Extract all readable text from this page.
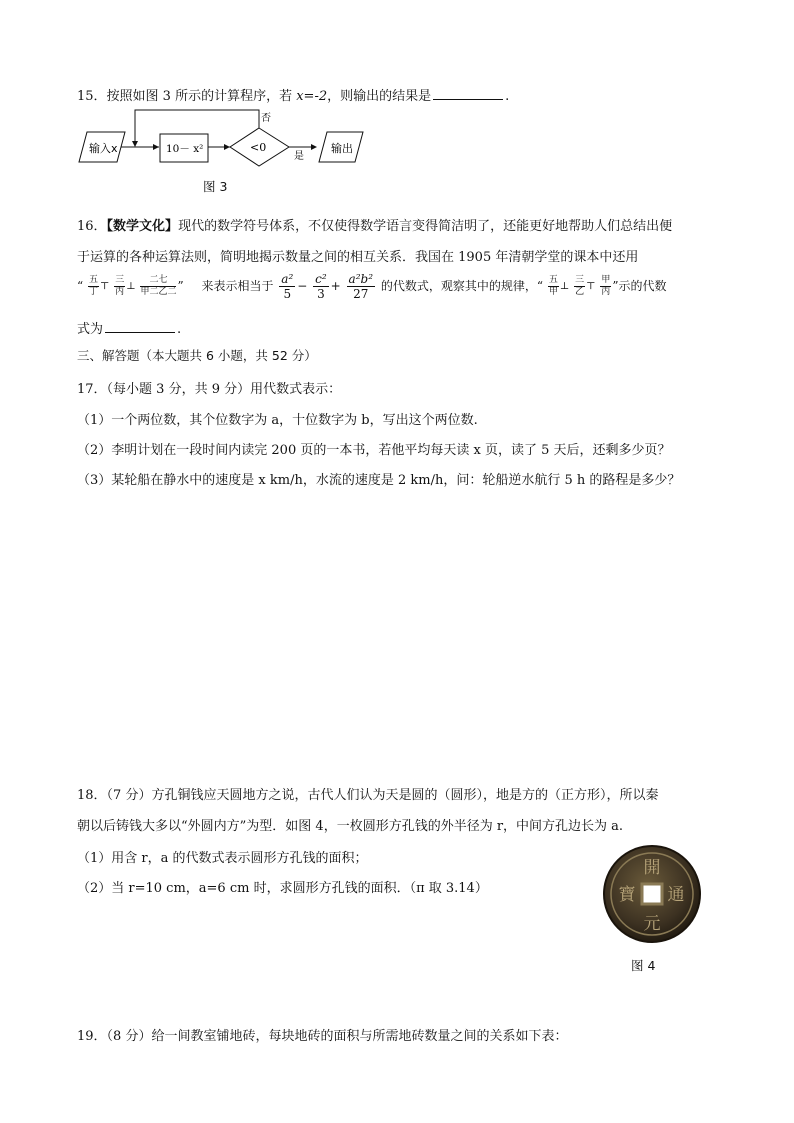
15．按照如图 3 所示的计算程序，若 x=-2，则输出的结果是	.
输入x	10－ x²	<0
否
是
输出
图 3
16．【数学文化】现代的数学符号体系，不仅使得数学语言变得简洁明了，还能更好地帮助人们总结出便
于运算的各种运算法则，简明地揭示数量之间的相互关系．我国在 1905 年清朝学堂的课本中还用
“ $\frac{\text{五}}{\text{丁}}$ ⊤ $\frac{\text{三}}{\text{丙}}$ ⊥ $\frac{\text{二七}}{\text{甲二乙二}}$ ” 来表示相当于 $\frac{\text{a²}}{5} - \frac{\text{c²}}{3} + \frac{\text{a²b²}}{27}$ 的代数式，观察其中的规律，“ $\frac{\text{五}}{\text{甲}}$ ⊥ $\frac{\text{三}}{\text{乙}}$ ⊤ $\frac{\text{甲}}{\text{丙}}$ ”示的代数
式为	.
三、解答题（本大题共 6 小题，共 52 分）
17．（每小题 3 分，共 9 分）用代数式表示：
（1）一个两位数，其个位数字为 a，十位数字为 b，写出这个两位数.
（2）李明计划在一段时间内读完 200 页的一本书，若他平均每天读 x 页，读了 5 天后，还剩多少页？
（3）某轮船在静水中的速度是 x km/h，水流的速度是 2 km/h，问：轮船逆水航行 5 h 的路程是多少？
18．（7 分）方孔铜钱应天圆地方之说，古代人们认为天是圆的（圆形），地是方的（正方形），所以秦
朝以后铸钱大多以“外圆内方”为型．如图 4，一枚圆形方孔钱的外半径为 r，中间方孔边长为 a.
（1）用含 r，a 的代数式表示圆形方孔钱的面积；
（2）当 r=10 cm，a=6 cm 时，求圆形方孔钱的面积．（π 取 3.14）
開
通
元
寶
图 4
19．（8 分）给一间教室铺地砖，每块地砖的面积与所需地砖数量之间的关系如下表：
